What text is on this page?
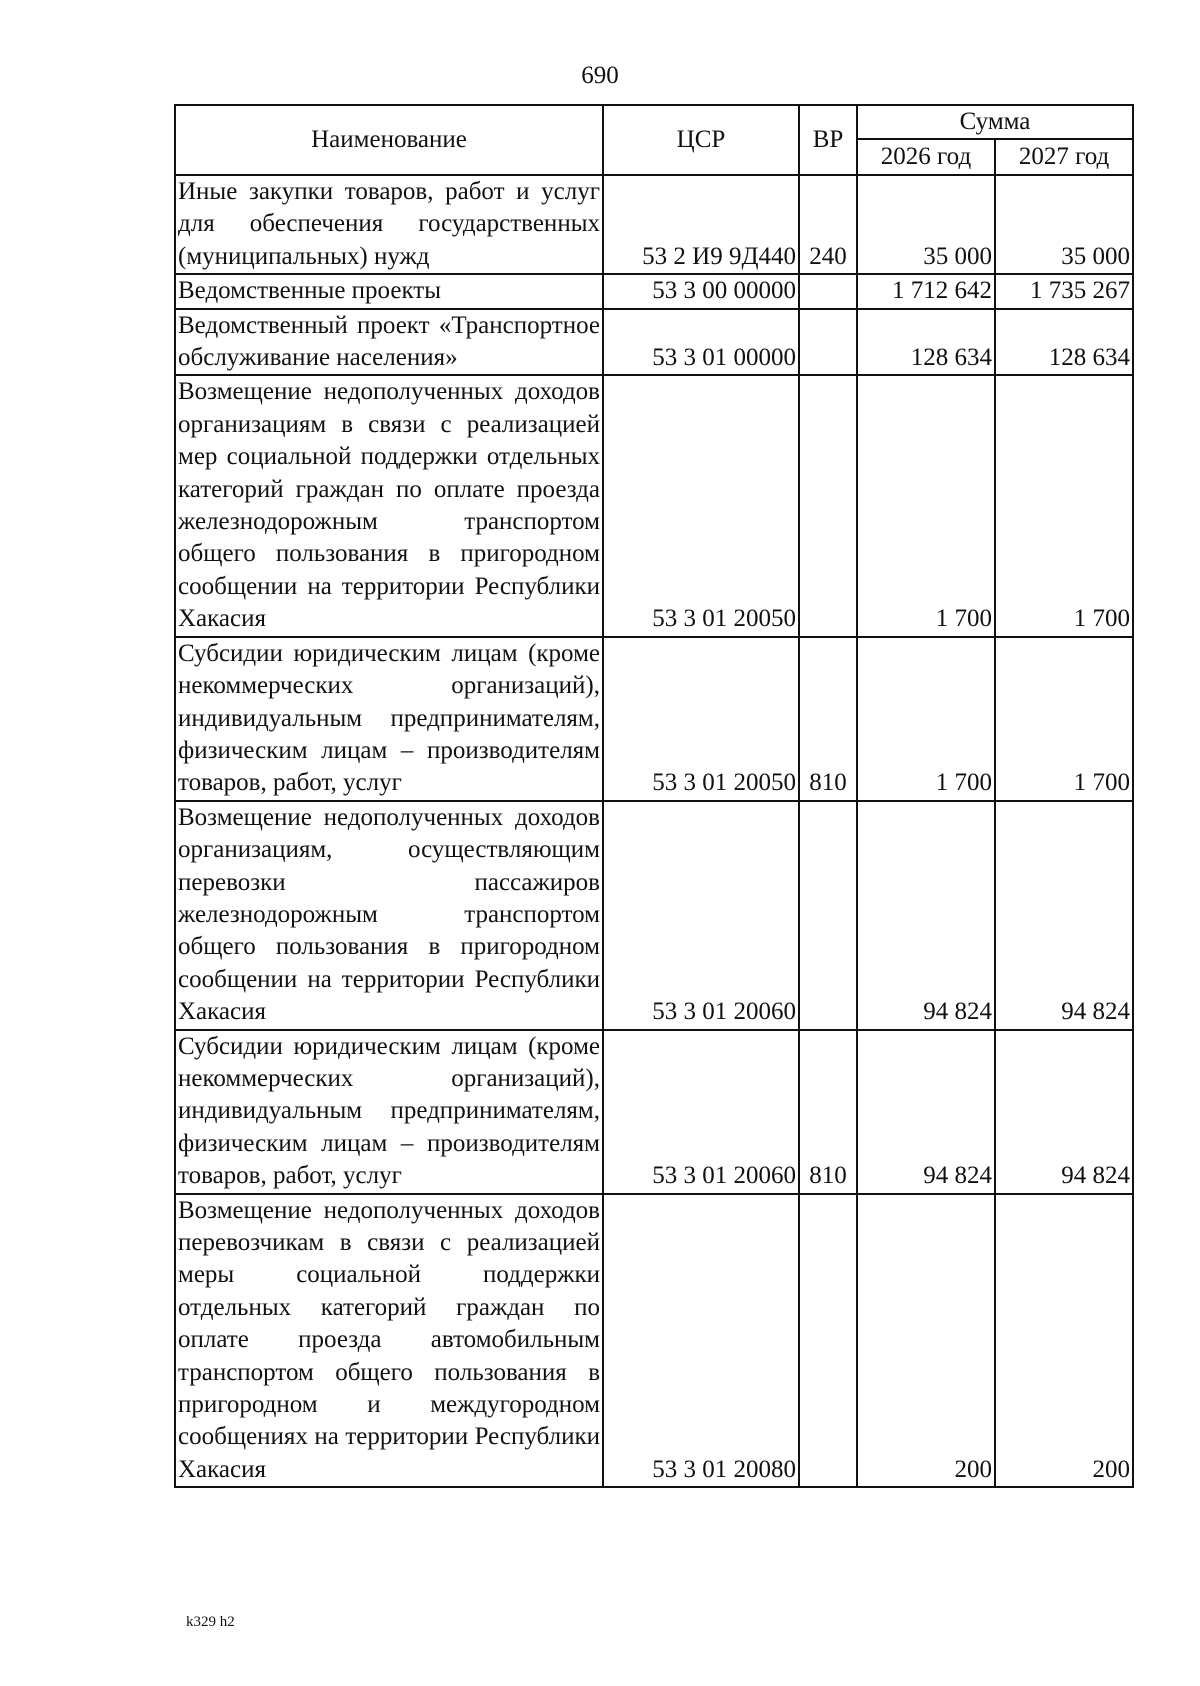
690
Наименование	ЦСР	ВР	Сумма	
			2026 год	2027 год
Иные закупки товаров, работ и услуг для обеспечения государственных (муниципальных) нужд	53 2 И9 9Д440	240	35 000	35 000
Ведомственные проекты	53 3 00 00000		1 712 642	1 735 267
Ведомственный проект «Транспортное обслуживание населения»	53 3 01 00000		128 634	128 634
Возмещение недополученных доходов организациям в связи с реализацией мер социальной поддержки отдельных категорий граждан по оплате проезда железнодорожным транспортом общего пользования в пригородном сообщении на территории Республики Хакасия	53 3 01 20050		1 700	1 700
Субсидии юридическим лицам (кроме некоммерческих организаций), индивидуальным предпринимателям, физическим лицам – производителям товаров, работ, услуг	53 3 01 20050	810	1 700	1 700
Возмещение недополученных доходов организациям, осуществляющим перевозки пассажиров железнодорожным транспортом общего пользования в пригородном сообщении на территории Республики Хакасия	53 3 01 20060		94 824	94 824
Субсидии юридическим лицам (кроме некоммерческих организаций), индивидуальным предпринимателям, физическим лицам – производителям товаров, работ, услуг	53 3 01 20060	810	94 824	94 824
Возмещение недополученных доходов перевозчикам в связи с реализацией меры социальной поддержки отдельных категорий граждан по оплате проезда автомобильным транспортом общего пользования в пригородном и междугородном сообщениях на территории Республики Хакасия	53 3 01 20080		200	200
k329 h2
